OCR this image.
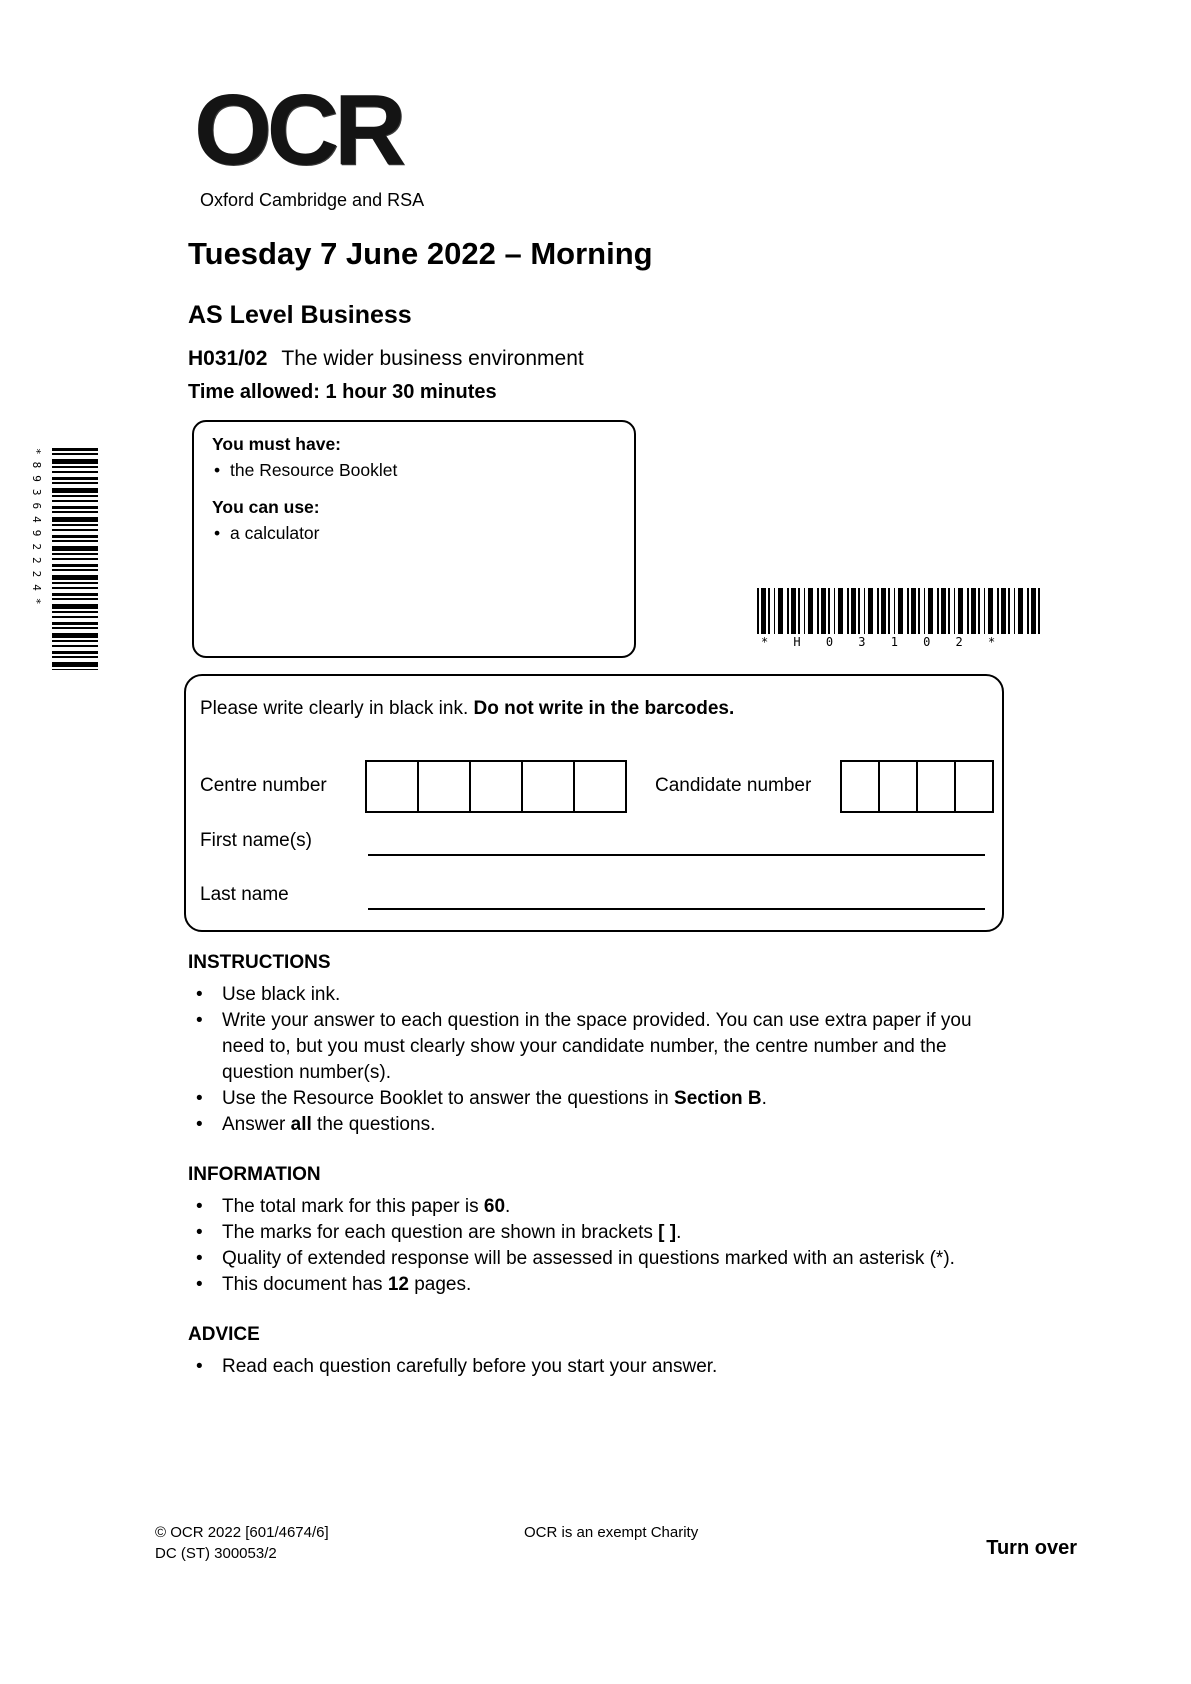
OCR
Oxford Cambridge and RSA
Tuesday 7 June 2022 – Morning
AS Level Business
H031/02 The wider business environment
Time allowed: 1 hour 30 minutes
You must have:
• the Resource Booklet
You can use:
• a calculator
*8936492224*
*H03102*
Please write clearly in black ink. Do not write in the barcodes.
Centre number	Candidate number
First name(s)
Last name
INSTRUCTIONS
• Use black ink.
• Write your answer to each question in the space provided. You can use extra paper if you need to, but you must clearly show your candidate number, the centre number and the question number(s).
• Use the Resource Booklet to answer the questions in Section B.
• Answer all the questions.
INFORMATION
• The total mark for this paper is 60.
• The marks for each question are shown in brackets [ ].
• Quality of extended response will be assessed in questions marked with an asterisk (*).
• This document has 12 pages.
ADVICE
• Read each question carefully before you start your answer.
© OCR 2022 [601/4674/6]
DC (ST) 300053/2
OCR is an exempt Charity
Turn over
